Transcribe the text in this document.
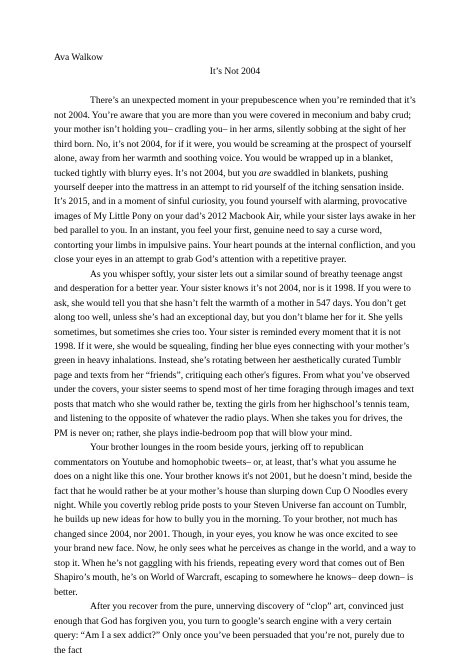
Ava Walkow

It’s Not 2004

There’s an unexpected moment in your prepubescence when you’re reminded that it’s not 2004. You’re aware that you are more than you were covered in meconium and baby crud; your mother isn’t holding you– cradling you– in her arms, silently sobbing at the sight of her third born. No, it’s not 2004, for if it were, you would be screaming at the prospect of yourself alone, away from her warmth and soothing voice. You would be wrapped up in a blanket, tucked tightly with blurry eyes. It’s not 2004, but you are swaddled in blankets, pushing yourself deeper into the mattress in an attempt to rid yourself of the itching sensation inside. It’s 2015, and in a moment of sinful curiosity, you found yourself with alarming, provocative images of My Little Pony on your dad’s 2012 Macbook Air, while your sister lays awake in her bed parallel to you. In an instant, you feel your first, genuine need to say a curse word, contorting your limbs in impulsive pains. Your heart pounds at the internal confliction, and you close your eyes in an attempt to grab God’s attention with a repetitive prayer.

As you whisper softly, your sister lets out a similar sound of breathy teenage angst and desperation for a better year. Your sister knows it’s not 2004, nor is it 1998. If you were to ask, she would tell you that she hasn’t felt the warmth of a mother in 547 days. You don’t get along too well, unless she’s had an exceptional day, but you don’t blame her for it. She yells sometimes, but sometimes she cries too. Your sister is reminded every moment that it is not 1998. If it were, she would be squealing, finding her blue eyes connecting with your mother’s green in heavy inhalations. Instead, she’s rotating between her aesthetically curated Tumblr page and texts from her “friends”, critiquing each other's figures. From what you’ve observed under the covers, your sister seems to spend most of her time foraging through images and text posts that match who she would rather be, texting the girls from her highschool’s tennis team, and listening to the opposite of whatever the radio plays. When she takes you for drives, the PM is never on; rather, she plays indie-bedroom pop that will blow your mind.

Your brother lounges in the room beside yours, jerking off to republican commentators on Youtube and homophobic tweets– or, at least, that’s what you assume he does on a night like this one. Your brother knows it's not 2001, but he doesn’t mind, beside the fact that he would rather be at your mother’s house than slurping down Cup O Noodles every night. While you covertly reblog pride posts to your Steven Universe fan account on Tumblr, he builds up new ideas for how to bully you in the morning. To your brother, not much has changed since 2004, nor 2001. Though, in your eyes, you know he was once excited to see your brand new face. Now, he only sees what he perceives as change in the world, and a way to stop it. When he’s not gaggling with his friends, repeating every word that comes out of Ben Shapiro’s mouth, he’s on World of Warcraft, escaping to somewhere he knows– deep down– is better.

After you recover from the pure, unnerving discovery of “clop” art, convinced just enough that God has forgiven you, you turn to google’s search engine with a very certain query: “Am I a sex addict?” Only once you’ve been persuaded that you’re not, purely due to the fact
